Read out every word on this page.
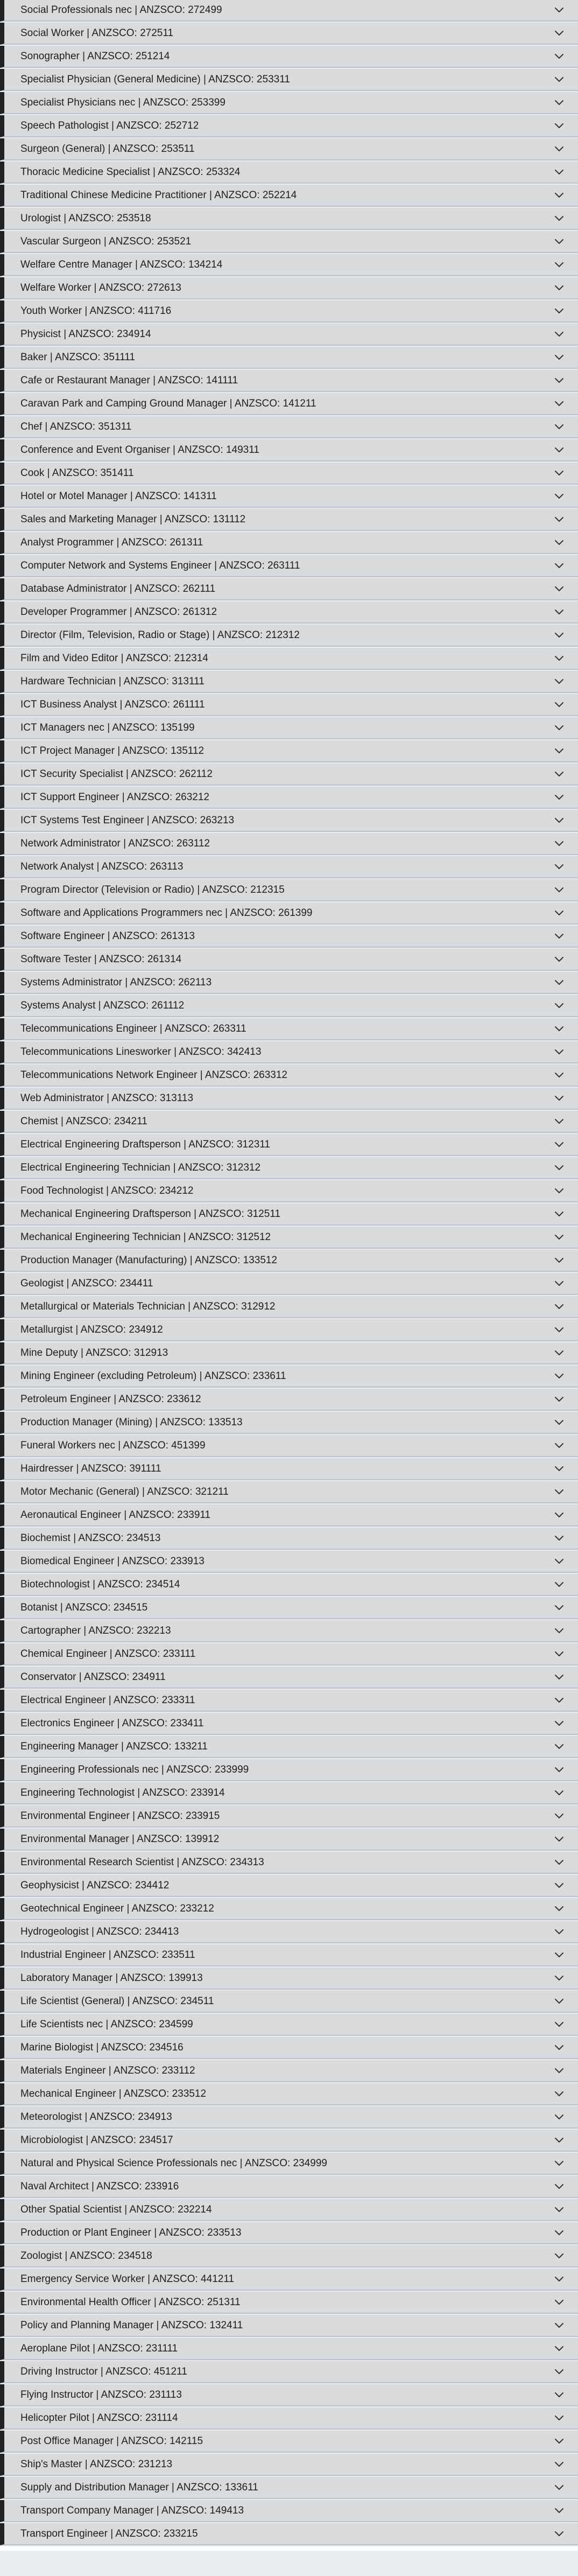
Social Professionals nec | ANZSCO: 272499
Social Worker | ANZSCO: 272511
Sonographer | ANZSCO: 251214
Specialist Physician (General Medicine) | ANZSCO: 253311
Specialist Physicians nec | ANZSCO: 253399
Speech Pathologist | ANZSCO: 252712
Surgeon (General) | ANZSCO: 253511
Thoracic Medicine Specialist | ANZSCO: 253324
Traditional Chinese Medicine Practitioner | ANZSCO: 252214
Urologist | ANZSCO: 253518
Vascular Surgeon | ANZSCO: 253521
Welfare Centre Manager | ANZSCO: 134214
Welfare Worker | ANZSCO: 272613
Youth Worker | ANZSCO: 411716
Physicist | ANZSCO: 234914
Baker | ANZSCO: 351111
Cafe or Restaurant Manager | ANZSCO: 141111
Caravan Park and Camping Ground Manager | ANZSCO: 141211
Chef | ANZSCO: 351311
Conference and Event Organiser | ANZSCO: 149311
Cook | ANZSCO: 351411
Hotel or Motel Manager | ANZSCO: 141311
Sales and Marketing Manager | ANZSCO: 131112
Analyst Programmer | ANZSCO: 261311
Computer Network and Systems Engineer | ANZSCO: 263111
Database Administrator | ANZSCO: 262111
Developer Programmer | ANZSCO: 261312
Director (Film, Television, Radio or Stage) | ANZSCO: 212312
Film and Video Editor | ANZSCO: 212314
Hardware Technician | ANZSCO: 313111
ICT Business Analyst | ANZSCO: 261111
ICT Managers nec | ANZSCO: 135199
ICT Project Manager | ANZSCO: 135112
ICT Security Specialist | ANZSCO: 262112
ICT Support Engineer | ANZSCO: 263212
ICT Systems Test Engineer | ANZSCO: 263213
Network Administrator | ANZSCO: 263112
Network Analyst | ANZSCO: 263113
Program Director (Television or Radio) | ANZSCO: 212315
Software and Applications Programmers nec | ANZSCO: 261399
Software Engineer | ANZSCO: 261313
Software Tester | ANZSCO: 261314
Systems Administrator | ANZSCO: 262113
Systems Analyst | ANZSCO: 261112
Telecommunications Engineer | ANZSCO: 263311
Telecommunications Linesworker | ANZSCO: 342413
Telecommunications Network Engineer | ANZSCO: 263312
Web Administrator | ANZSCO: 313113
Chemist | ANZSCO: 234211
Electrical Engineering Draftsperson | ANZSCO: 312311
Electrical Engineering Technician | ANZSCO: 312312
Food Technologist | ANZSCO: 234212
Mechanical Engineering Draftsperson | ANZSCO: 312511
Mechanical Engineering Technician | ANZSCO: 312512
Production Manager (Manufacturing) | ANZSCO: 133512
Geologist | ANZSCO: 234411
Metallurgical or Materials Technician | ANZSCO: 312912
Metallurgist | ANZSCO: 234912
Mine Deputy | ANZSCO: 312913
Mining Engineer (excluding Petroleum) | ANZSCO: 233611
Petroleum Engineer | ANZSCO: 233612
Production Manager (Mining) | ANZSCO: 133513
Funeral Workers nec | ANZSCO: 451399
Hairdresser | ANZSCO: 391111
Motor Mechanic (General) | ANZSCO: 321211
Aeronautical Engineer | ANZSCO: 233911
Biochemist | ANZSCO: 234513
Biomedical Engineer | ANZSCO: 233913
Biotechnologist | ANZSCO: 234514
Botanist | ANZSCO: 234515
Cartographer | ANZSCO: 232213
Chemical Engineer | ANZSCO: 233111
Conservator | ANZSCO: 234911
Electrical Engineer | ANZSCO: 233311
Electronics Engineer | ANZSCO: 233411
Engineering Manager | ANZSCO: 133211
Engineering Professionals nec | ANZSCO: 233999
Engineering Technologist | ANZSCO: 233914
Environmental Engineer | ANZSCO: 233915
Environmental Manager | ANZSCO: 139912
Environmental Research Scientist | ANZSCO: 234313
Geophysicist | ANZSCO: 234412
Geotechnical Engineer | ANZSCO: 233212
Hydrogeologist | ANZSCO: 234413
Industrial Engineer | ANZSCO: 233511
Laboratory Manager | ANZSCO: 139913
Life Scientist (General) | ANZSCO: 234511
Life Scientists nec | ANZSCO: 234599
Marine Biologist | ANZSCO: 234516
Materials Engineer | ANZSCO: 233112
Mechanical Engineer | ANZSCO: 233512
Meteorologist | ANZSCO: 234913
Microbiologist | ANZSCO: 234517
Natural and Physical Science Professionals nec | ANZSCO: 234999
Naval Architect | ANZSCO: 233916
Other Spatial Scientist | ANZSCO: 232214
Production or Plant Engineer | ANZSCO: 233513
Zoologist | ANZSCO: 234518
Emergency Service Worker | ANZSCO: 441211
Environmental Health Officer | ANZSCO: 251311
Policy and Planning Manager | ANZSCO: 132411
Aeroplane Pilot | ANZSCO: 231111
Driving Instructor | ANZSCO: 451211
Flying Instructor | ANZSCO: 231113
Helicopter Pilot | ANZSCO: 231114
Post Office Manager | ANZSCO: 142115
Ship's Master | ANZSCO: 231213
Supply and Distribution Manager | ANZSCO: 133611
Transport Company Manager | ANZSCO: 149413
Transport Engineer | ANZSCO: 233215
